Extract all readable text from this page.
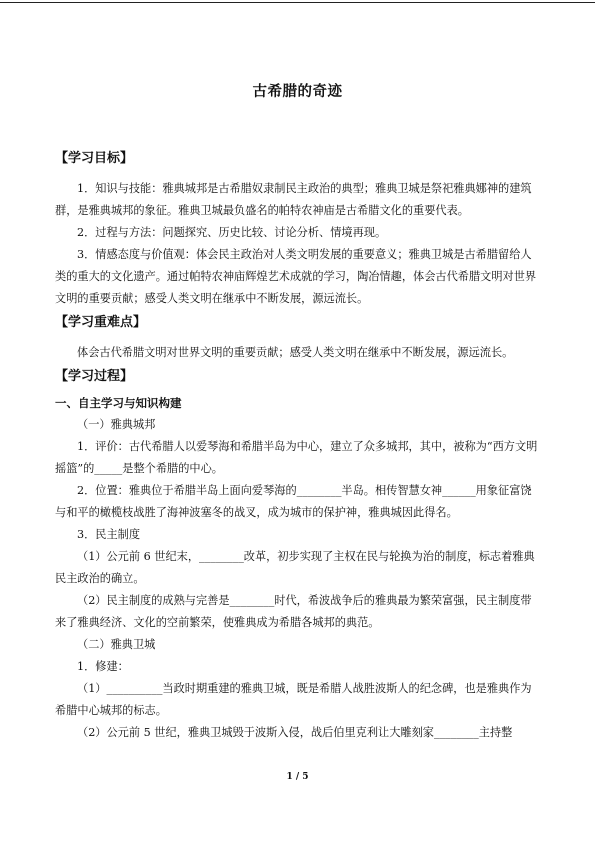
古希腊的奇迹

【学习目标】

1．知识与技能：雅典城邦是古希腊奴隶制民主政治的典型；雅典卫城是祭祀雅典娜神的建筑群，是雅典城邦的象征。雅典卫城最负盛名的帕特农神庙是古希腊文化的重要代表。

2．过程与方法：问题探究、历史比较、讨论分析、情境再现。

3．情感态度与价值观：体会民主政治对人类文明发展的重要意义；雅典卫城是古希腊留给人类的重大的文化遗产。通过帕特农神庙辉煌艺术成就的学习，陶冶情趣，体会古代希腊文明对世界文明的重要贡献；感受人类文明在继承中不断发展，源远流长。

【学习重难点】

体会古代希腊文明对世界文明的重要贡献；感受人类文明在继承中不断发展，源远流长。

【学习过程】

一、自主学习与知识构建

（一）雅典城邦

1．评价：古代希腊人以爱琴海和希腊半岛为中心，建立了众多城邦，其中，被称为“西方文明摇篮”的_____是整个希腊的中心。

2．位置：雅典位于希腊半岛上面向爱琴海的________半岛。相传智慧女神______用象征富饶与和平的橄榄枝战胜了海神波塞冬的战叉，成为城市的保护神，雅典城因此得名。

3．民主制度

（1）公元前 6 世纪末，________改革，初步实现了主权在民与轮换为治的制度，标志着雅典民主政治的确立。

（2）民主制度的成熟与完善是________时代，希波战争后的雅典最为繁荣富强，民主制度带来了雅典经济、文化的空前繁荣，使雅典成为希腊各城邦的典范。

（二）雅典卫城

1．修建：

（1）__________当政时期重建的雅典卫城，既是希腊人战胜波斯人的纪念碑，也是雅典作为希腊中心城邦的标志。

（2）公元前 5 世纪，雅典卫城毁于波斯入侵，战后伯里克利让大雕刻家________主持整

1 / 5
